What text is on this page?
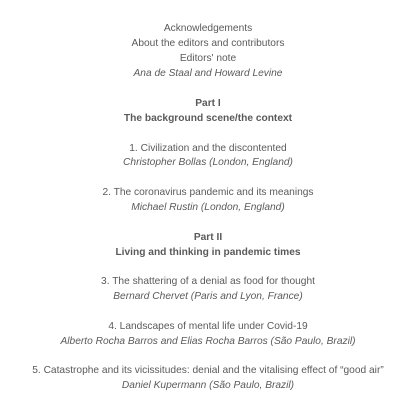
Acknowledgements
About the editors and contributors
Editors' note
Ana de Staal and Howard Levine
Part I
The background scene/the context
1. Civilization and the discontented
Christopher Bollas (London, England)
2. The coronavirus pandemic and its meanings
Michael Rustin (London, England)
Part II
Living and thinking in pandemic times
3. The shattering of a denial as food for thought
Bernard Chervet (Paris and Lyon, France)
4. Landscapes of mental life under Covid-19
Alberto Rocha Barros and Elias Rocha Barros (São Paulo, Brazil)
5. Catastrophe and its vicissitudes: denial and the vitalising effect of “good air”
Daniel Kupermann (São Paulo, Brazil)
